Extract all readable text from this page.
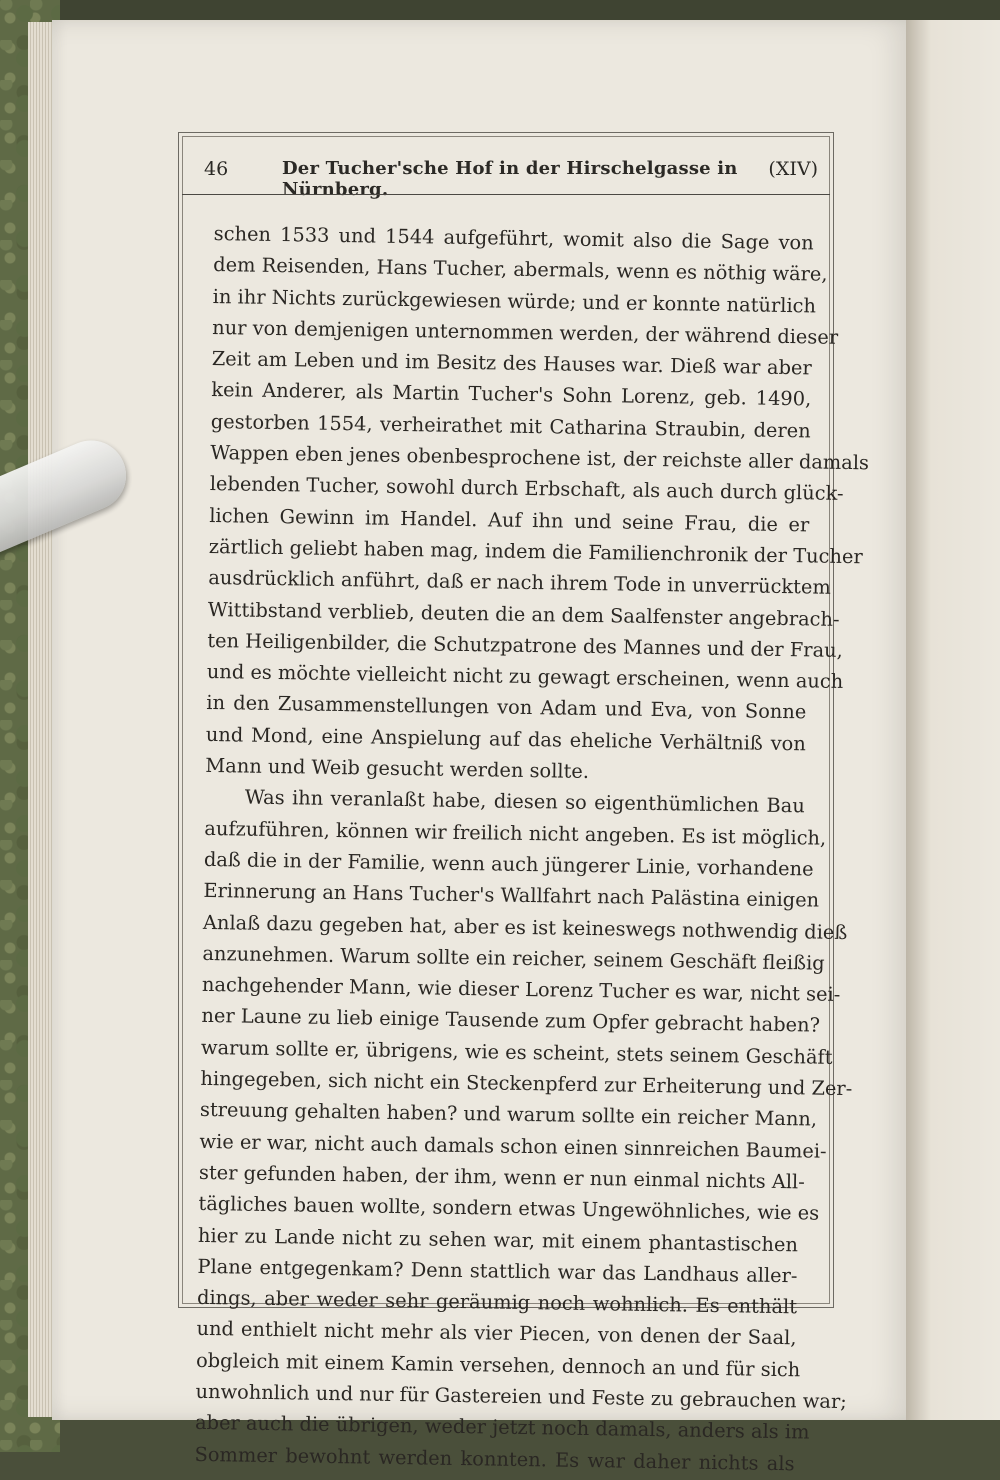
46	Der Tucher'sche Hof in der Hirschelgasse in Nürnberg.
(XIV)
schen 1533 und 1544 aufgeführt, womit also die Sage von
dem Reisenden, Hans Tucher, abermals, wenn es nöthig wäre,
in ihr Nichts zurückgewiesen würde; und er konnte natürlich
nur von demjenigen unternommen werden, der während dieser
Zeit am Leben und im Besitz des Hauses war. Dieß war aber
kein Anderer, als Martin Tucher's Sohn Lorenz, geb. 1490,
gestorben 1554, verheirathet mit Catharina Straubin, deren
Wappen eben jenes obenbesprochene ist, der reichste aller damals
lebenden Tucher, sowohl durch Erbschaft, als auch durch glück-
lichen Gewinn im Handel. Auf ihn und seine Frau, die er
zärtlich geliebt haben mag, indem die Familienchronik der Tucher
ausdrücklich anführt, daß er nach ihrem Tode in unverrücktem
Wittibstand verblieb, deuten die an dem Saalfenster angebrach-
ten Heiligenbilder, die Schutzpatrone des Mannes und der Frau,
und es möchte vielleicht nicht zu gewagt erscheinen, wenn auch
in den Zusammenstellungen von Adam und Eva, von Sonne
und Mond, eine Anspielung auf das eheliche Verhältniß von
Mann und Weib gesucht werden sollte.
Was ihn veranlaßt habe, diesen so eigenthümlichen Bau
aufzuführen, können wir freilich nicht angeben. Es ist möglich,
daß die in der Familie, wenn auch jüngerer Linie, vorhandene
Erinnerung an Hans Tucher's Wallfahrt nach Palästina einigen
Anlaß dazu gegeben hat, aber es ist keineswegs nothwendig dieß
anzunehmen. Warum sollte ein reicher, seinem Geschäft fleißig
nachgehender Mann, wie dieser Lorenz Tucher es war, nicht sei-
ner Laune zu lieb einige Tausende zum Opfer gebracht haben?
warum sollte er, übrigens, wie es scheint, stets seinem Geschäft
hingegeben, sich nicht ein Steckenpferd zur Erheiterung und Zer-
streuung gehalten haben? und warum sollte ein reicher Mann,
wie er war, nicht auch damals schon einen sinnreichen Baumei-
ster gefunden haben, der ihm, wenn er nun einmal nichts All-
tägliches bauen wollte, sondern etwas Ungewöhnliches, wie es
hier zu Lande nicht zu sehen war, mit einem phantastischen
Plane entgegenkam? Denn stattlich war das Landhaus aller-
dings, aber weder sehr geräumig noch wohnlich. Es enthält
und enthielt nicht mehr als vier Piecen, von denen der Saal,
obgleich mit einem Kamin versehen, dennoch an und für sich
unwohnlich und nur für Gastereien und Feste zu gebrauchen war;
aber auch die übrigen, weder jetzt noch damals, anders als im
Sommer bewohnt werden konnten. Es war daher nichts als
